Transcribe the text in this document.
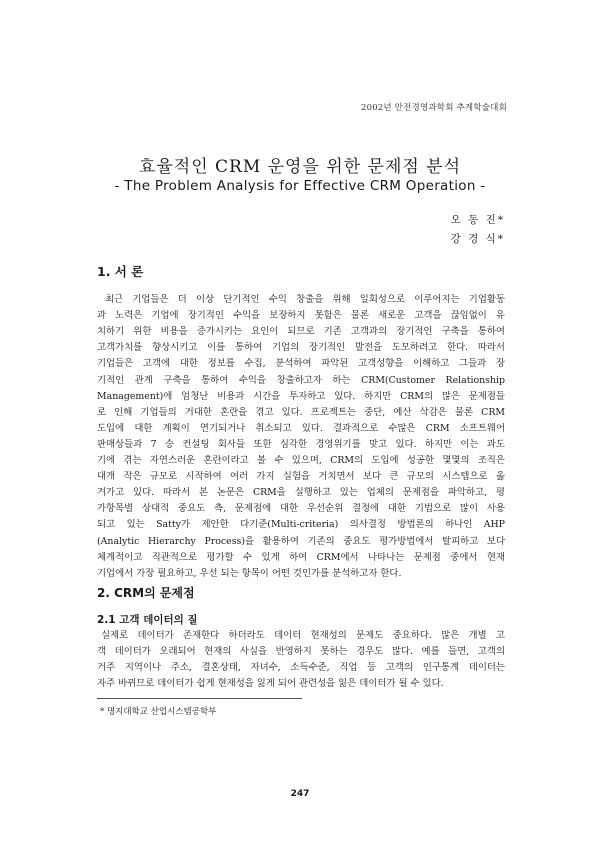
2002년 안전경영과학회 추계학술대회
효율적인 CRM 운영을 위한 문제점 분석
- The Problem Analysis for Effective CRM Operation -
오 동 진*
강 경 식*
1. 서 론
최근 기업들은 더 이상 단기적인 수익 창출을 위해 일회성으로 이루어지는 기업활동
과 노력은 기업에 장기적인 수익을 보장하지 못함은 물론 새로운 고객을 끊임없이 유
치하기 위한 비용을 증가시키는 요인이 되므로 기존 고객과의 장기적인 구축을 통하여
고객가치를 향상시키고 이를 통하여 기업의 장기적인 발전을 도모하려고 한다. 따라서
기업들은 고객에 대한 정보를 수집, 분석하여 파악된 고객성향을 이해하고 그들과 장
기적인 관계 구축을 통하여 수익을 창출하고자 하는 CRM(Customer Relationship
Management)에 엄청난 비용과 시간을 투자하고 있다. 하지만 CRM의 많은 문제점들
로 인해 기업들의 거대한 혼란을 겪고 있다. 프로젝트는 중단, 예산 삭감은 물론 CRM
도입에 대한 계획이 연기되거나 취소되고 있다. 결과적으로 수많은 CRM 소프트웨어
판매상들과 7 승 컨설팅 회사들 또한 심각한 경영위기를 맞고 있다. 하지만 이는 과도
기에 겪는 자연스러운 혼란이라고 볼 수 있으며, CRM의 도입에 성공한 몇몇의 조직은
대개 작은 규모로 시작하여 여러 가지 실험을 거치면서 보다 큰 규모의 시스템으로 옮
겨가고 있다. 따라서 본 논문은 CRM을 실행하고 있는 업체의 문제점을 파악하고, 평
가항목별 상대적 중요도 측, 문제점에 대한 우선순위 결정에 대한 기법으로 많이 사용
되고 있는 Satty가 제안한 다기준(Multi-criteria) 의사결정 방법론의 하나인 AHP
(Analytic Hierarchy Process)을 활용하여 기존의 중요도 평가방법에서 탈피하고 보다
체계적이고 직관적으로 평가할 수 있게 하여 CRM에서 나타나는 문제점 중에서 현재
기업에서 가장 필요하고, 우선 되는 항목이 어떤 것인가를 분석하고자 한다.
2. CRM의 문제점
2.1 고객 데이터의 질
실제로 데이터가 존재한다 하더라도 데이터 현재성의 문제도 중요하다. 많은 개별 고
객 데이터가 오래되어 현재의 사실을 반영하지 못하는 경우도 많다. 예를 들면, 고객의
거주 지역이나 주소, 결혼상태, 자녀수, 소득수준, 직업 등 고객의 인구통계 데이터는
자주 바뀌므로 데이터가 쉽게 현재성을 잃게 되어 관련성을 잃은 데이터가 될 수 있다.
* 명지대학교 산업시스템공학부
247
